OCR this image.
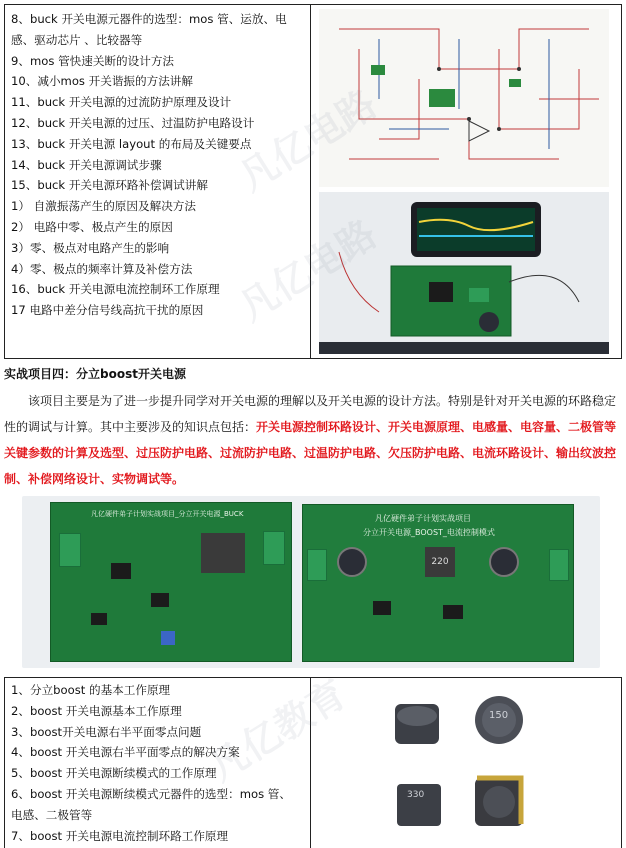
8、buck 开关电源元器件的选型：mos 管、运放、电
感、驱动芯片 、比较器等
9、mos 管快速关断的设计方法
10、减小mos 开关谐振的方法讲解
11、buck 开关电源的过流防护原理及设计
12、buck 开关电源的过压、过温防护电路设计
13、buck 开关电源 layout 的布局及关键要点
14、buck 开关电源调试步骤
15、buck 开关电源环路补偿调试讲解
1） 自激振荡产生的原因及解决方法
2） 电路中零、极点产生的原因
3）零、极点对电路产生的影响
4）零、极点的频率计算及补偿方法
16、buck 开关电源电流控制环工作原理
17 电路中差分信号线高抗干扰的原因
凡亿电路
凡亿电路
实战项目四：分立boost开关电源
该项目主要是为了进一步提升同学对开关电源的理解以及开关电源的设计方法。特别是针对开关电源的环路稳定性的调试与计算。其中主要涉及的知识点包括：开关电源控制环路设计、开关电源原理、电感量、电容量、二极管等关键参数的计算及选型、过压防护电路、过流防护电路、过温防护电路、欠压防护电路、电流环路设计、输出纹波控制、补偿网络设计、实物调试等。
凡亿硬件弟子计划实战项目_分立开关电源_BUCK	凡亿硬件弟子计划实战项目
分立开关电源_BOOST_电流控制模式
220
1、分立boost 的基本工作原理
2、boost 开关电源基本工作原理
3、boost开关电源右半平面零点问题
4、boost 开关电源右半平面零点的解决方案
5、boost 开关电源断续模式的工作原理
6、boost 开关电源断续模式元器件的选型：mos 管、
电感、二极管等
7、boost 开关电源电流控制环路工作原理
150
330
凡亿教育
